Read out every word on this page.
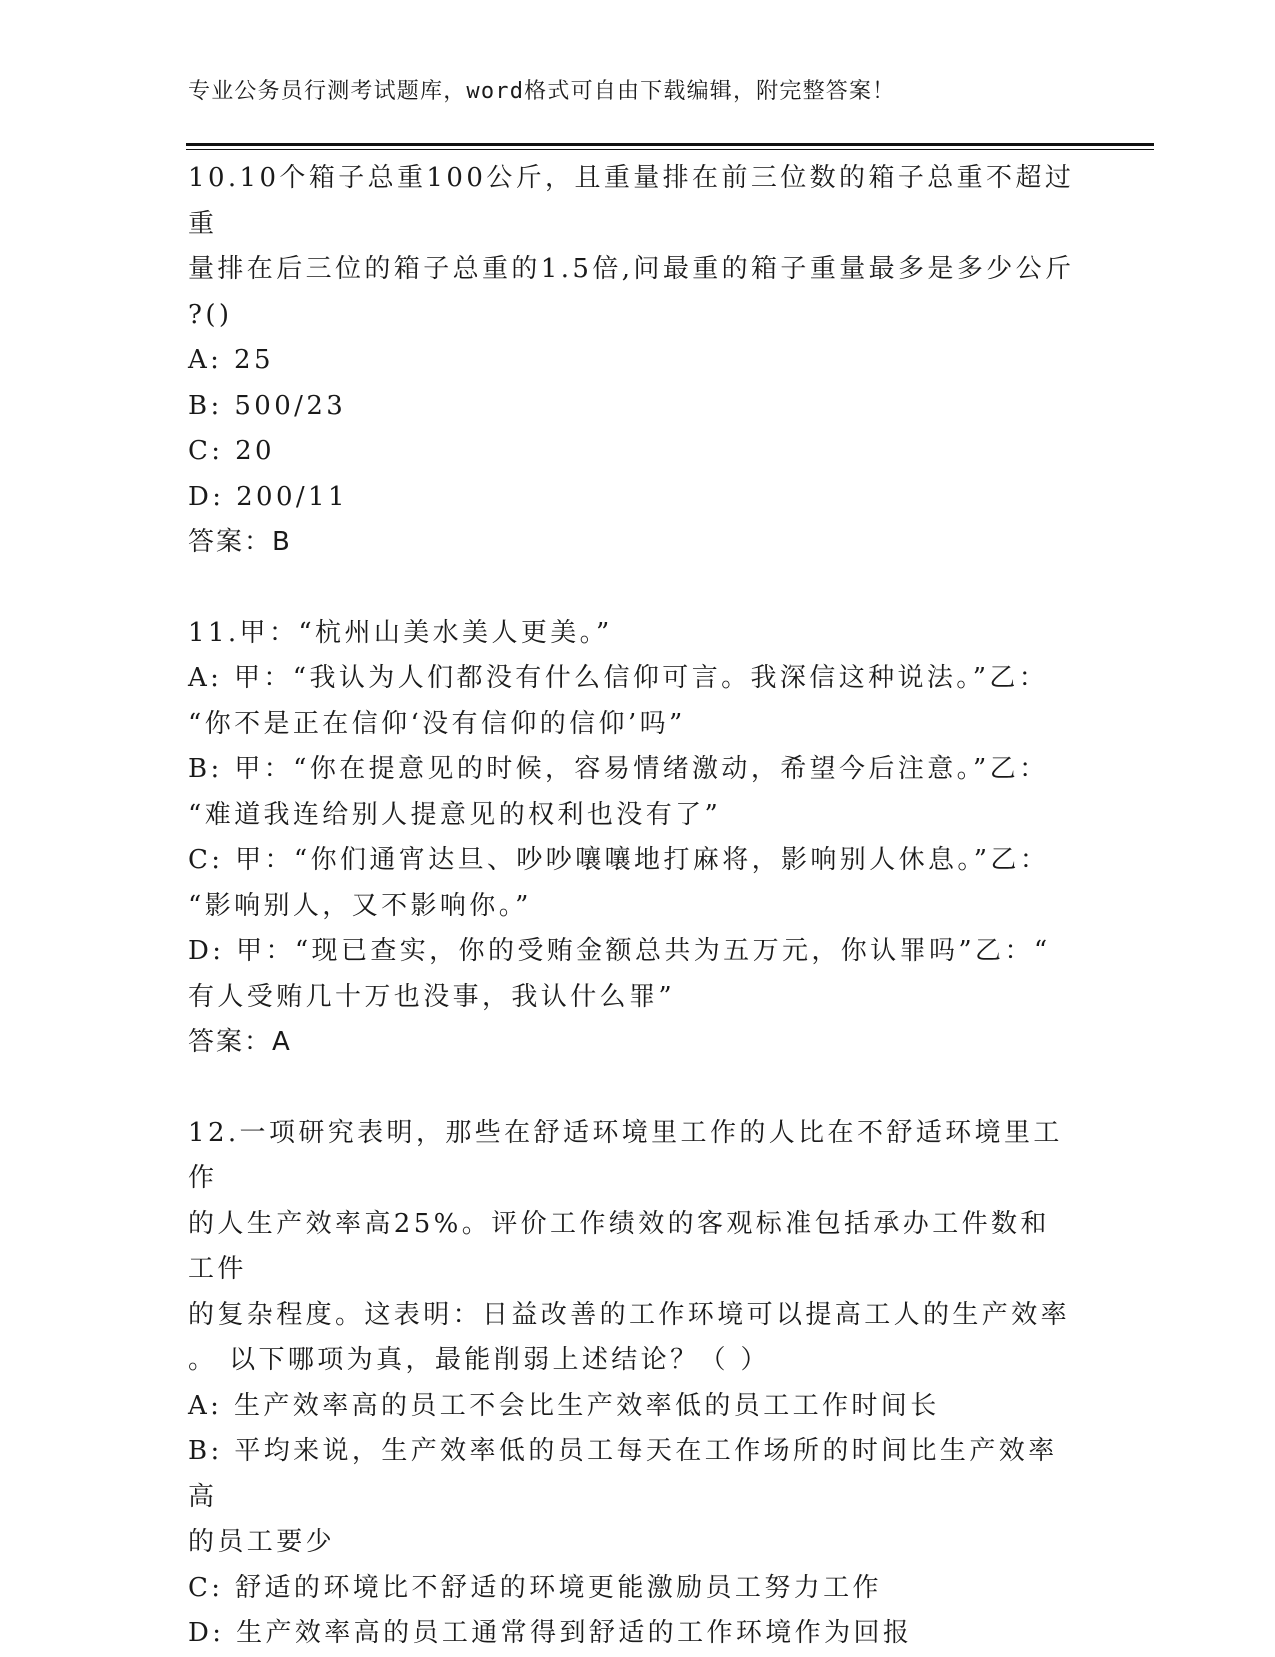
专业公务员行测考试题库，word格式可自由下载编辑，附完整答案！

10.10个箱子总重100公斤，且重量排在前三位数的箱子总重不超过重

量排在后三位的箱子总重的1.5倍,问最重的箱子重量最多是多少公斤

?()

A: 25

B: 500/23

C: 20

D: 200/11

答案：B

11.甲：“杭州山美水美人更美。”

A: 甲：“我认为人们都没有什么信仰可言。我深信这种说法。”乙：

“你不是正在信仰‘没有信仰的信仰’吗”

B: 甲：“你在提意见的时候，容易情绪激动，希望今后注意。”乙：

“难道我连给别人提意见的权利也没有了”

C: 甲：“你们通宵达旦、吵吵嚷嚷地打麻将，影响别人休息。”乙：

“影响别人，又不影响你。”

D: 甲：“现已查实，你的受贿金额总共为五万元，你认罪吗”乙：“

有人受贿几十万也没事，我认什么罪”

答案：A

12.一项研究表明，那些在舒适环境里工作的人比在不舒适环境里工作

的人生产效率高25%。评价工作绩效的客观标准包括承办工件数和工件

的复杂程度。这表明：日益改善的工作环境可以提高工人的生产效率

。 以下哪项为真，最能削弱上述结论？（ ）

A: 生产效率高的员工不会比生产效率低的员工工作时间长

B: 平均来说，生产效率低的员工每天在工作场所的时间比生产效率高

的员工要少

C: 舒适的环境比不舒适的环境更能激励员工努力工作

D: 生产效率高的员工通常得到舒适的工作环境作为回报
